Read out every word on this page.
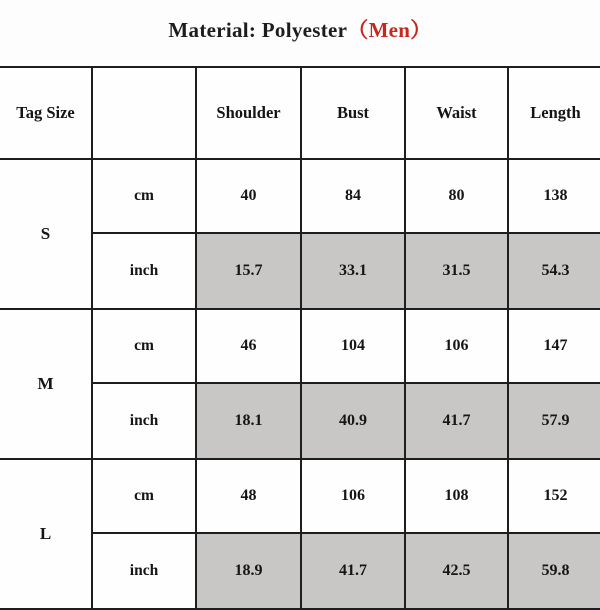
Material: Polyester（Men）
Tag Size		Shoulder	Bust	Waist	Length
S	cm	40	84	80	138
	inch	15.7	33.1	31.5	54.3
M	cm	46	104	106	147
	inch	18.1	40.9	41.7	57.9
L	cm	48	106	108	152
	inch	18.9	41.7	42.5	59.8
